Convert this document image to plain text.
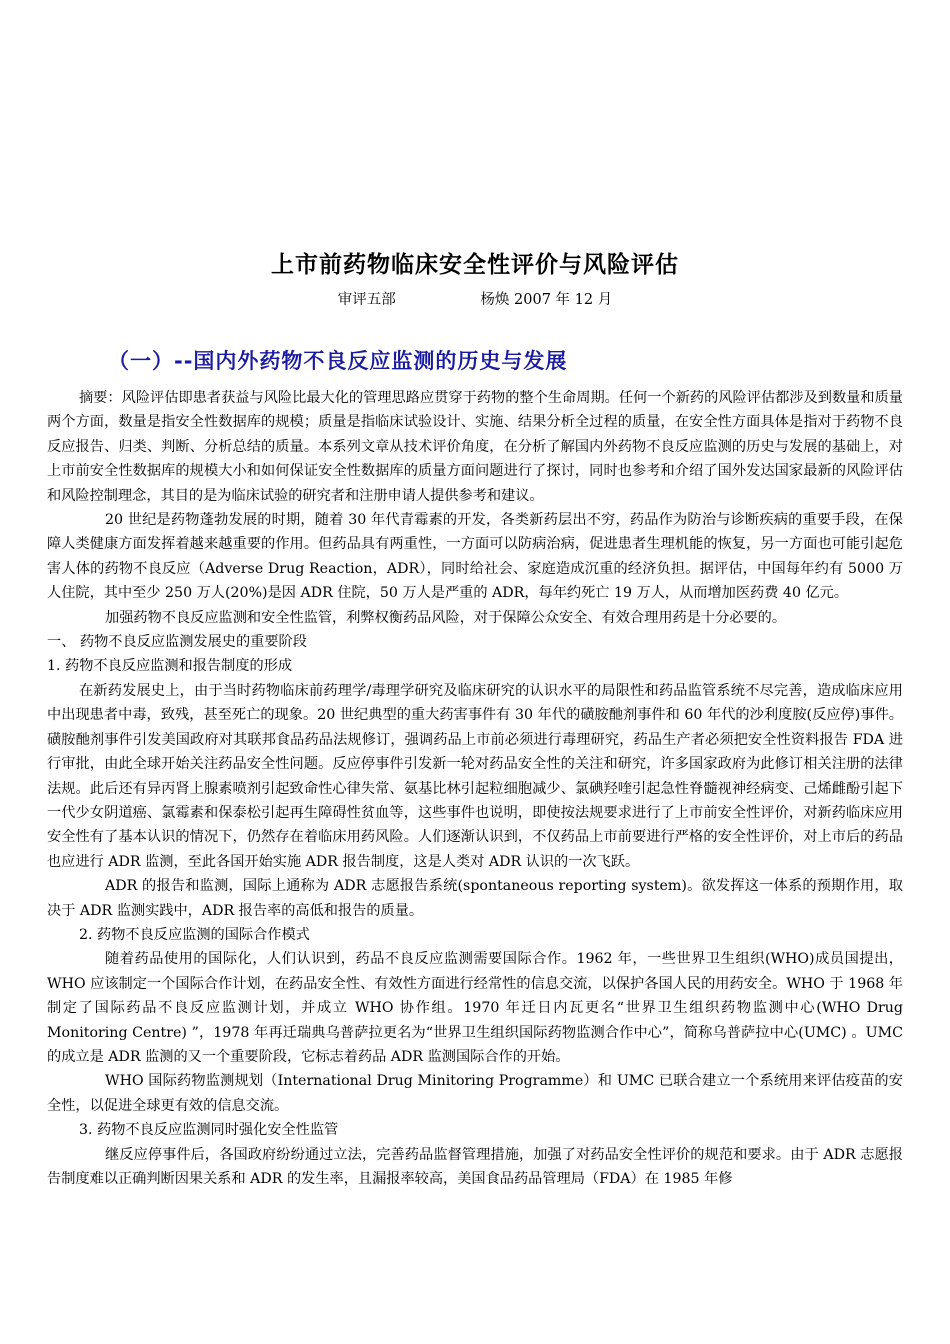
上市前药物临床安全性评价与风险评估
审评五部	杨焕 2007 年 12 月
（一）--国内外药物不良反应监测的历史与发展

摘要：风险评估即患者获益与风险比最大化的管理思路应贯穿于药物的整个生命周期。任何一个新药的风险评估都涉及到数量和质量两个方面，数量是指安全性数据库的规模；质量是指临床试验设计、实施、结果分析全过程的质量，在安全性方面具体是指对于药物不良反应报告、归类、判断、分析总结的质量。本系列文章从技术评价角度，在分析了解国内外药物不良反应监测的历史与发展的基础上，对上市前安全性数据库的规模大小和如何保证安全性数据库的质量方面问题进行了探讨，同时也参考和介绍了国外发达国家最新的风险评估和风险控制理念，其目的是为临床试验的研究者和注册申请人提供参考和建议。

20 世纪是药物蓬勃发展的时期，随着 30 年代青霉素的开发，各类新药层出不穷，药品作为防治与诊断疾病的重要手段，在保障人类健康方面发挥着越来越重要的作用。但药品具有两重性，一方面可以防病治病，促进患者生理机能的恢复，另一方面也可能引起危害人体的药物不良反应（Adverse Drug Reaction，ADR），同时给社会、家庭造成沉重的经济负担。据评估，中国每年约有 5000 万人住院，其中至少 250 万人(20%)是因 ADR 住院，50 万人是严重的 ADR，每年约死亡 19 万人，从而增加医药费 40 亿元。

加强药物不良反应监测和安全性监管，利弊权衡药品风险，对于保障公众安全、有效合理用药是十分必要的。

一、 药物不良反应监测发展史的重要阶段

1. 药物不良反应监测和报告制度的形成

在新药发展史上，由于当时药物临床前药理学/毒理学研究及临床研究的认识水平的局限性和药品监管系统不尽完善，造成临床应用中出现患者中毒，致残，甚至死亡的现象。20 世纪典型的重大药害事件有 30 年代的磺胺酏剂事件和 60 年代的沙利度胺(反应停)事件。磺胺酏剂事件引发美国政府对其联邦食品药品法规修订，强调药品上市前必须进行毒理研究，药品生产者必须把安全性资料报告 FDA 进行审批，由此全球开始关注药品安全性问题。反应停事件引发新一轮对药品安全性的关注和研究，许多国家政府为此修订相关注册的法律法规。此后还有异丙肾上腺素喷剂引起致命性心律失常、氨基比林引起粒细胞减少、氯碘羟喹引起急性脊髓视神经病变、己烯雌酚引起下一代少女阴道癌、氯霉素和保泰松引起再生障碍性贫血等，这些事件也说明，即使按法规要求进行了上市前安全性评价，对新药临床应用安全性有了基本认识的情况下，仍然存在着临床用药风险。人们逐渐认识到，不仅药品上市前要进行严格的安全性评价，对上市后的药品也应进行 ADR 监测，至此各国开始实施 ADR 报告制度，这是人类对 ADR 认识的一次飞跃。

ADR 的报告和监测，国际上通称为 ADR 志愿报告系统(spontaneous reporting system)。欲发挥这一体系的预期作用，取决于 ADR 监测实践中，ADR 报告率的高低和报告的质量。

2. 药物不良反应监测的国际合作模式

随着药品使用的国际化，人们认识到，药品不良反应监测需要国际合作。1962 年，一些世界卫生组织(WHO)成员国提出，WHO 应该制定一个国际合作计划，在药品安全性、有效性方面进行经常性的信息交流，以保护各国人民的用药安全。WHO 于 1968 年制定了国际药品不良反应监测计划，并成立 WHO 协作组。1970 年迁日内瓦更名“世界卫生组织药物监测中心(WHO Drug Monitoring Centre) ”，1978 年再迁瑞典乌普萨拉更名为“世界卫生组织国际药物监测合作中心”，简称乌普萨拉中心(UMC) 。UMC 的成立是 ADR 监测的又一个重要阶段，它标志着药品 ADR 监测国际合作的开始。

WHO 国际药物监测规划（International Drug Minitoring Programme）和 UMC 已联合建立一个系统用来评估疫苗的安全性，以促进全球更有效的信息交流。

3. 药物不良反应监测同时强化安全性监管

继反应停事件后，各国政府纷纷通过立法，完善药品监督管理措施，加强了对药品安全性评价的规范和要求。由于 ADR 志愿报告制度难以正确判断因果关系和 ADR 的发生率，且漏报率较高，美国食品药品管理局（FDA）在 1985 年修
